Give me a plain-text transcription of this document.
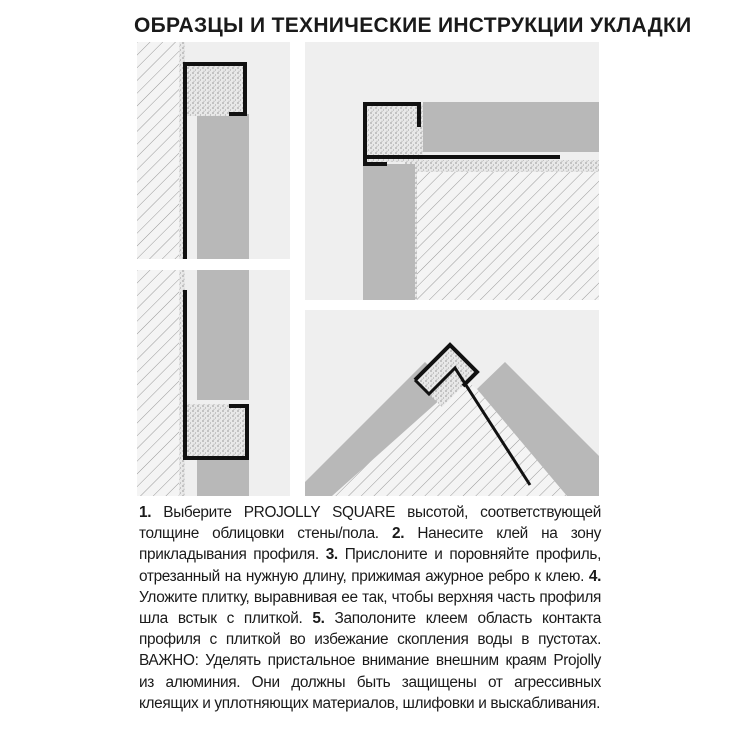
ОБРАЗЦЫ И ТЕХНИЧЕСКИЕ ИНСТРУКЦИИ УКЛАДКИ
1. Выберите PROJOLLY SQUARE высотой, соответствующей толщине облицовки стены/пола. 2. Нанесите клей на зону прикладывания профиля. 3. Прислоните и поровняйте профиль, отрезанный на нужную длину, прижимая ажурное ребро к клею. 4. Уложите плитку, выравнивая ее так, чтобы верхняя часть профиля шла встык с плиткой. 5. Заполоните клеем область контакта профиля с плиткой во избежание скопления воды в пустотах. ВАЖНО: Уделять пристальное внимание внешним краям Projolly из алюминия. Они должны быть защищены от агрессивных клеящих и уплотняющих материалов, шлифовки и выскабливания.
